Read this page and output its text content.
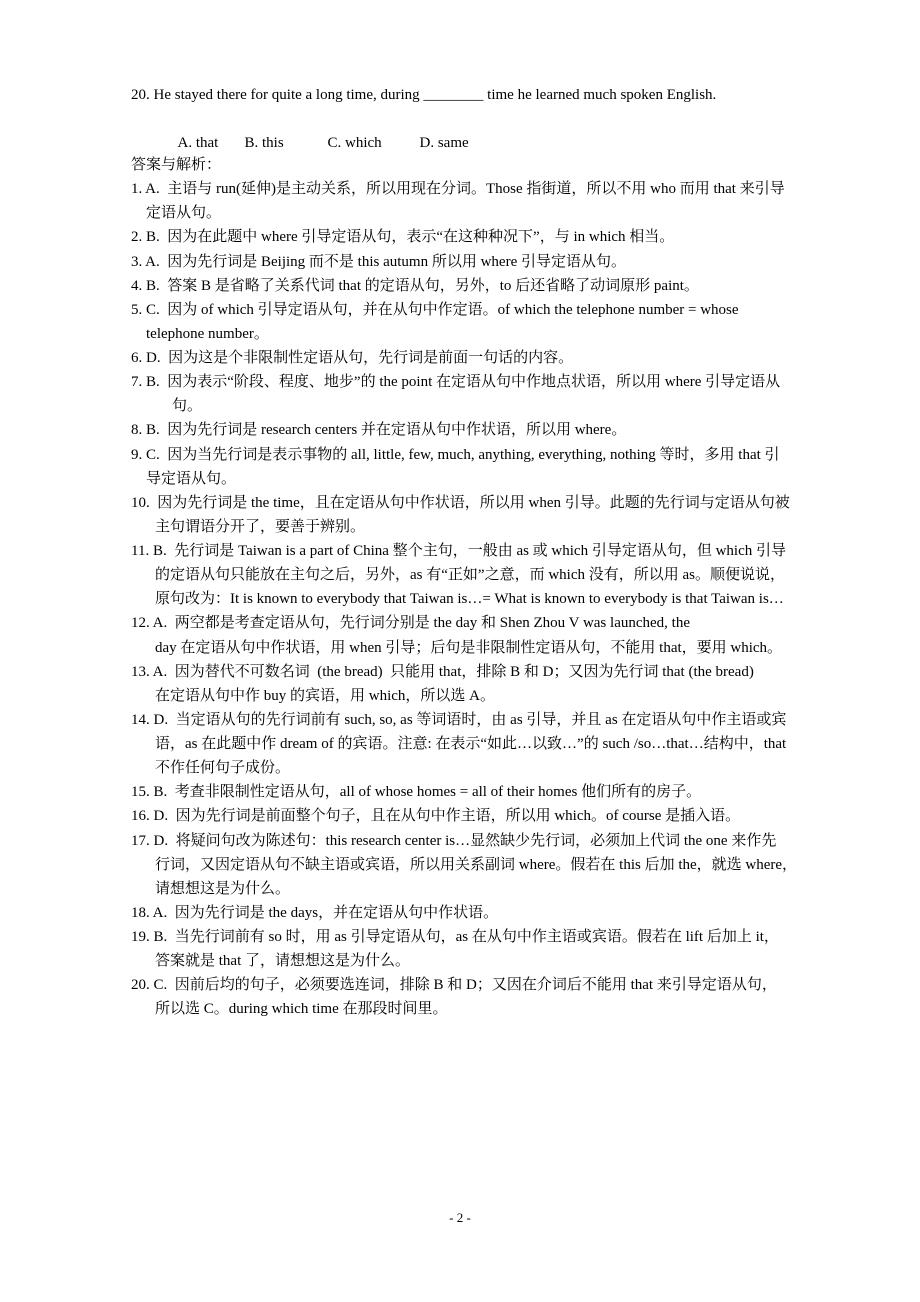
20. He stayed there for quite a long time, during ________ time he learned much spoken English.

A. that B. this	C. which	D. same

答案与解析：
1. A.  主语与 run(延伸)是主动关系，所以用现在分词。Those 指街道，所以不用 who 而用 that 来引导
定语从句。
2. B.  因为在此题中 where 引导定语从句，表示“在这种种况下”，与 in which 相当。
3. A.  因为先行词是 Beijing 而不是 this autumn 所以用 where 引导定语从句。
4. B.  答案 B 是省略了关系代词 that 的定语从句，另外，to 后还省略了动词原形 paint。
5. C.  因为 of which 引导定语从句，并在从句中作定语。of which the telephone number = whose
telephone number。
6. D.  因为这是个非限制性定语从句，先行词是前面一句话的内容。
7. B.  因为表示“阶段、程度、地步”的 the point 在定语从句中作地点状语，所以用 where 引导定语从
句。
8. B.  因为先行词是 research centers 并在定语从句中作状语，所以用 where。
9. C.  因为当先行词是表示事物的 all, little, few, much, anything, everything, nothing 等时，多用 that 引
导定语从句。
10.  因为先行词是 the time，且在定语从句中作状语，所以用 when 引导。此题的先行词与定语从句被
主句谓语分开了，要善于辨别。
11. B.  先行词是 Taiwan is a part of China 整个主句，一般由 as 或 which 引导定语从句，但 which 引导
的定语从句只能放在主句之后，另外，as 有“正如”之意，而 which 没有，所以用 as。顺便说说，
原句改为：It is known to everybody that Taiwan is…= What is known to everybody is that Taiwan is…
12. A.  两空都是考查定语从句，先行词分别是 the day 和 Shen Zhou V was launched, the
day 在定语从句中作状语，用 when 引导；后句是非限制性定语从句，不能用 that，要用 which。
13. A.  因为替代不可数名词  (the bread)  只能用 that，排除 B 和 D；又因为先行词 that (the bread)
在定语从句中作 buy 的宾语，用 which，所以选 A。
14. D.  当定语从句的先行词前有 such, so, as 等词语时，由 as 引导，并且 as 在定语从句中作主语或宾
语，as 在此题中作 dream of 的宾语。注意: 在表示“如此…以致…”的 such /so…that…结构中，that
不作任何句子成份。
15. B.  考查非限制性定语从句，all of whose homes = all of their homes 他们所有的房子。
16. D.  因为先行词是前面整个句子，且在从句中作主语，所以用 which。of course 是插入语。
17. D.  将疑问句改为陈述句：this research center is…显然缺少先行词，必须加上代词 the one 来作先
行词，又因定语从句不缺主语或宾语，所以用关系副词 where。假若在 this 后加 the，就选 where，
请想想这是为什么。
18. A.  因为先行词是 the days，并在定语从句中作状语。
19. B.  当先行词前有 so 时，用 as 引导定语从句，as 在从句中作主语或宾语。假若在 lift 后加上 it，
答案就是 that 了，请想想这是为什么。
20. C.  因前后均的句子，必须要选连词，排除 B 和 D；又因在介词后不能用 that 来引导定语从句，
所以选 C。during which time 在那段时间里。
- 2 -
